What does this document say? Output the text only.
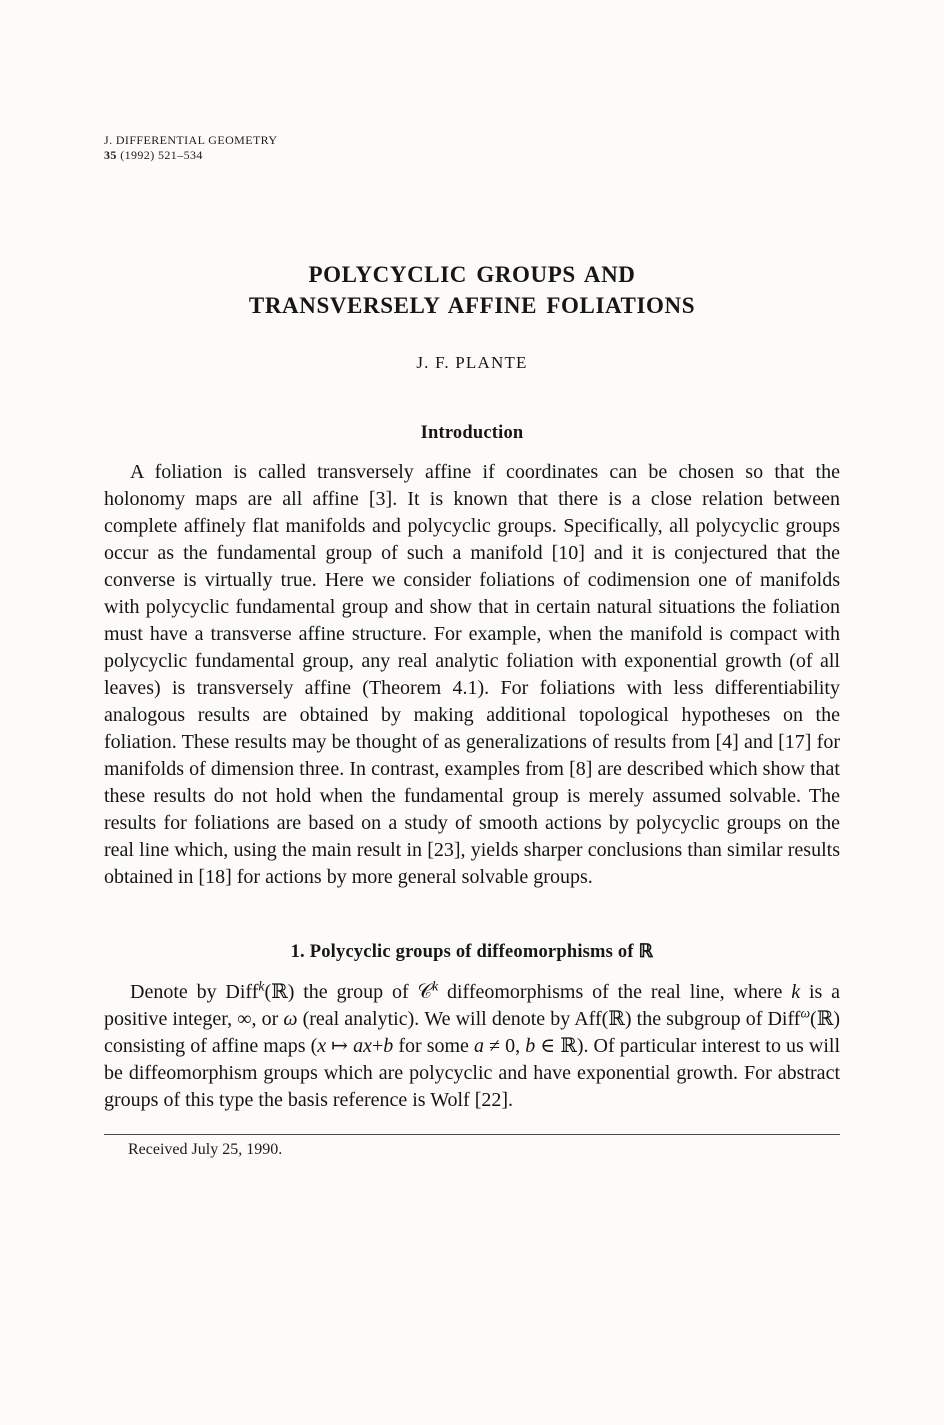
J. DIFFERENTIAL GEOMETRY
35 (1992) 521–534
POLYCYCLIC GROUPS AND
TRANSVERSELY AFFINE FOLIATIONS
J. F. PLANTE
Introduction

A foliation is called transversely affine if coordinates can be chosen so that the holonomy maps are all affine [3]. It is known that there is a close relation between complete affinely flat manifolds and polycyclic groups. Specifically, all polycyclic groups occur as the fundamental group of such a manifold [10] and it is conjectured that the converse is virtually true. Here we consider foliations of codimension one of manifolds with polycyclic fundamental group and show that in certain natural situations the foliation must have a transverse affine structure. For example, when the manifold is compact with polycyclic fundamental group, any real analytic foliation with exponential growth (of all leaves) is transversely affine (Theorem 4.1). For foliations with less differentiability analogous results are obtained by making additional topological hypotheses on the foliation. These results may be thought of as generalizations of results from [4] and [17] for manifolds of dimension three. In contrast, examples from [8] are described which show that these results do not hold when the fundamental group is merely assumed solvable. The results for foliations are based on a study of smooth actions by polycyclic groups on the real line which, using the main result in [23], yields sharper conclusions than similar results obtained in [18] for actions by more general solvable groups.

1. Polycyclic groups of diffeomorphisms of ℝ

Denote by Diff$^k$(ℝ) the group of 𝒞$^k$ diffeomorphisms of the real line, where k is a positive integer, ∞, or ω (real analytic). We will denote by Aff(ℝ) the subgroup of Diff$^\omega$(ℝ) consisting of affine maps (x ↦ ax+b for some a ≠ 0, b ∈ ℝ). Of particular interest to us will be diffeomorphism groups which are polycyclic and have exponential growth. For abstract groups of this type the basis reference is Wolf [22].

Received July 25, 1990.
